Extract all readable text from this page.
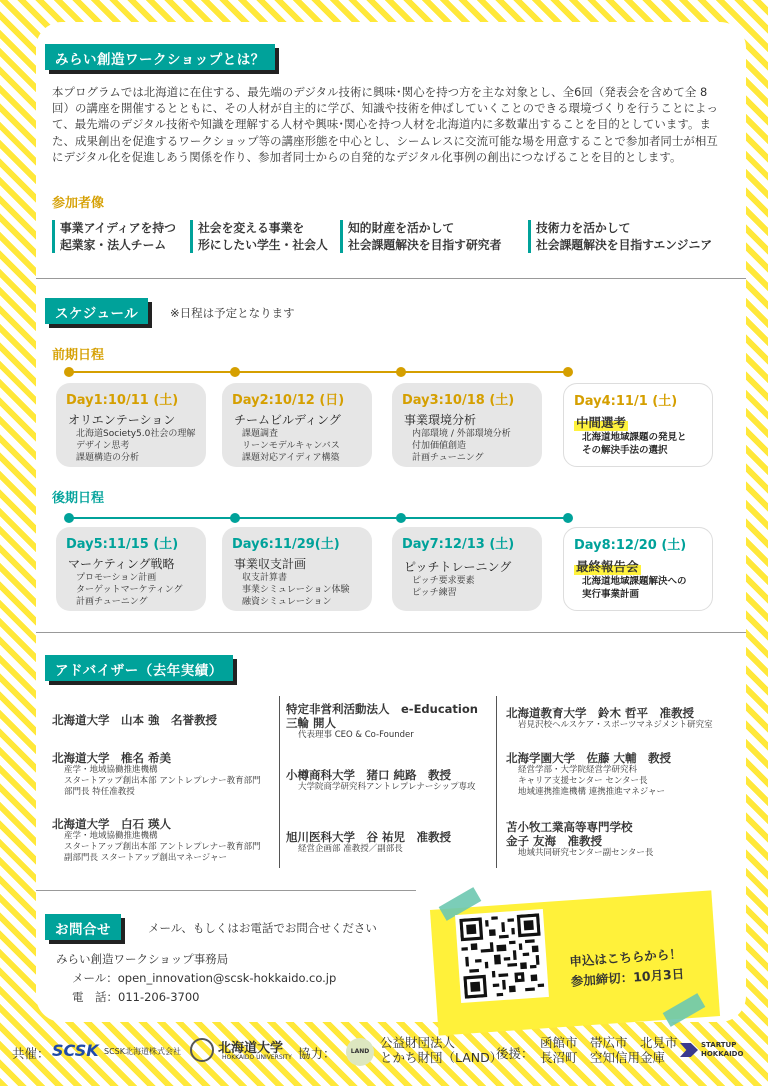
みらい創造ワークショップとは？
本プログラムでは北海道に在住する、最先端のデジタル技術に興味･関心を持つ方を主な対象とし、全6回（発表会を含めて全 8 回）の講座を開催するとともに、その人材が自主的に学び、知識や技術を伸ばしていくことのできる環境づくりを行うことによって、最先端のデジタル技術や知識を理解する人材や興味･関心を持つ人材を北海道内に多数輩出することを目的としています。また、成果創出を促進するワークショップ等の講座形態を中心とし、シームレスに交流可能な場を用意することで参加者同士が相互にデジタル化を促進しあう関係を作り、参加者同士からの自発的なデジタル化事例の創出につなげることを目的とします。
参加者像
事業アイディアを持つ
起業家・法人チーム
社会を変える事業を
形にしたい学生・社会人
知的財産を活かして
社会課題解決を目指す研究者
技術力を活かして
社会課題解決を目指すエンジニア
スケジュール	※日程は予定となります
前期日程
Day1:10/11 (土)
オリエンテーション
北海道Society5.0社会の理解
デザイン思考
課題構造の分析
Day2:10/12 (日)
チームビルディング
課題調査
リーンモデルキャンバス
課題対応アイディア構築
Day3:10/18 (土)
事業環境分析
内部環境 / 外部環境分析
付加価値創造
計画チューニング
Day4:11/1 (土)
中間選考
北海道地域課題の発見と
その解決手法の選択
後期日程
Day5:11/15 (土)
マーケティング戦略
プロモーション計画
ターゲットマーケティング
計画チューニング
Day6:11/29(土)
事業収支計画
収支計算書
事業シミュレーション体験
融資シミュレーション
Day7:12/13 (土)
ピッチトレーニング
ピッチ要求要素
ピッチ練習
Day8:12/20 (土)
最終報告会
北海道地域課題解決への
実行事業計画
アドバイザー（去年実績）
北海道大学　山本 強　名誉教授
北海道大学　椎名 希美
産学・地域協働推進機構
スタートアップ創出本部 アントレプレナー教育部門
部門長 特任准教授
北海道大学　白石 瑛人
産学・地域協働推進機構
スタートアップ創出本部 アントレプレナー教育部門
副部門長 スタートアップ創出マネージャー
特定非営利活動法人　e-Education
三輪 開人
代表理事 CEO & Co-Founder
小樽商科大学　猪口 純路　教授
大学院商学研究科アントレプレナーシップ専攻
旭川医科大学　谷 祐児　准教授
経営企画部 准教授／副部長
北海道教育大学　鈴木 哲平　准教授
岩見沢校ヘルスケア・スポーツマネジメント研究室
北海学園大学　佐藤 大輔　教授
経営学部・大学院経営学研究科
キャリア支援センター センター長
地域連携推進機構 連携推進マネジャー
苫小牧工業高等専門学校
金子 友海　准教授
地域共同研究センター副センター長
お問合せ	メール、もしくはお電話でお問合せください
みらい創造ワークショップ事務局
メール：open_innovation@scsk-hokkaido.co.jp
電　話：011-206-3700
申込はこちらから！
参加締切：10月3日
共催： SCSK SCSK北海道株式会社	北海道大学
HOKKAIDO UNIVERSITY 協力：	LAND
公益財団法人
とかち財団（LAND）
後援：
函館市　帯広市　北見市
長沼町　空知信用金庫
STARTUP
HOKKAIDO
